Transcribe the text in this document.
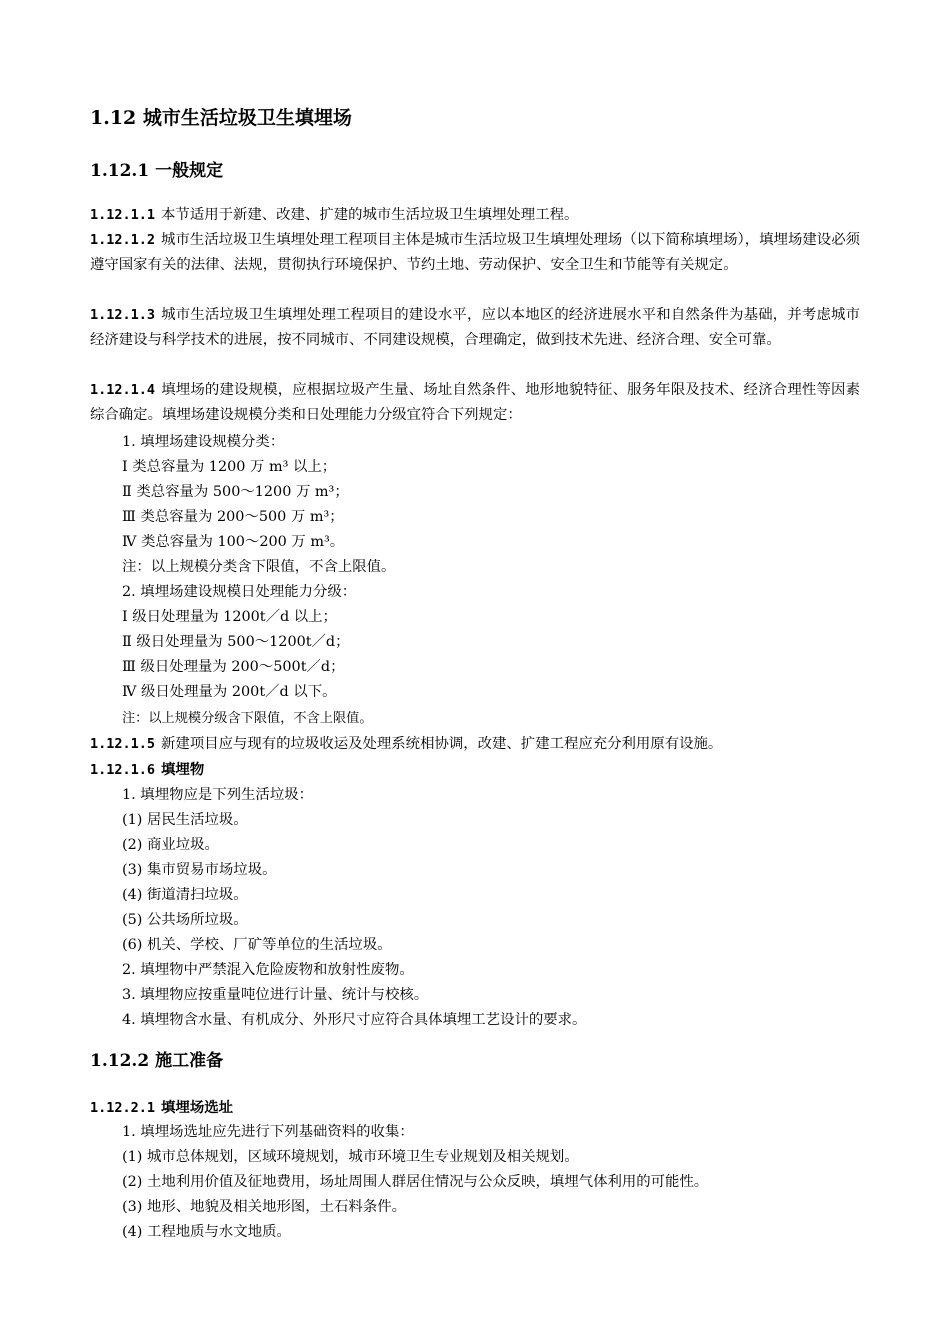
1.12 城市生活垃圾卫生填埋场
1.12.1 一般规定

1.12.1.1 本节适用于新建、改建、扩建的城市生活垃圾卫生填埋处理工程。

1.12.1.2 城市生活垃圾卫生填埋处理工程项目主体是城市生活垃圾卫生填埋处理场（以下简称填埋场），填埋场建设必须遵守国家有关的法律、法规，贯彻执行环境保护、节约土地、劳动保护、安全卫生和节能等有关规定。

1.12.1.3 城市生活垃圾卫生填埋处理工程项目的建设水平，应以本地区的经济进展水平和自然条件为基础，并考虑城市经济建设与科学技术的进展，按不同城市、不同建设规模，合理确定，做到技术先进、经济合理、安全可靠。

1.12.1.4 填埋场的建设规模，应根据垃圾产生量、场址自然条件、地形地貌特征、服务年限及技术、经济合理性等因素综合确定。填埋场建设规模分类和日处理能力分级宜符合下列规定：

1. 填埋场建设规模分类：

Ⅰ 类总容量为 1200 万 m³ 以上；

Ⅱ 类总容量为 500～1200 万 m³；

Ⅲ 类总容量为 200～500 万 m³；

Ⅳ 类总容量为 100～200 万 m³。

注：以上规模分类含下限值，不含上限值。

2. 填埋场建设规模日处理能力分级：

Ⅰ 级日处理量为 1200t／d 以上；

Ⅱ 级日处理量为 500～1200t／d；

Ⅲ 级日处理量为 200～500t／d；

Ⅳ 级日处理量为 200t／d 以下。

注：以上规模分级含下限值，不含上限值。

1.12.1.5 新建项目应与现有的垃圾收运及处理系统相协调，改建、扩建工程应充分利用原有设施。

1.12.1.6 填埋物

1. 填埋物应是下列生活垃圾：

(1) 居民生活垃圾。

(2) 商业垃圾。

(3) 集市贸易市场垃圾。

(4) 街道清扫垃圾。

(5) 公共场所垃圾。

(6) 机关、学校、厂矿等单位的生活垃圾。

2. 填埋物中严禁混入危险废物和放射性废物。

3. 填埋物应按重量吨位进行计量、统计与校核。

4. 填埋物含水量、有机成分、外形尺寸应符合具体填埋工艺设计的要求。

1.12.2 施工准备

1.12.2.1 填埋场选址

1. 填埋场选址应先进行下列基础资料的收集：

(1) 城市总体规划，区域环境规划，城市环境卫生专业规划及相关规划。

(2) 土地利用价值及征地费用，场址周围人群居住情况与公众反映，填埋气体利用的可能性。

(3) 地形、地貌及相关地形图，土石料条件。

(4) 工程地质与水文地质。
